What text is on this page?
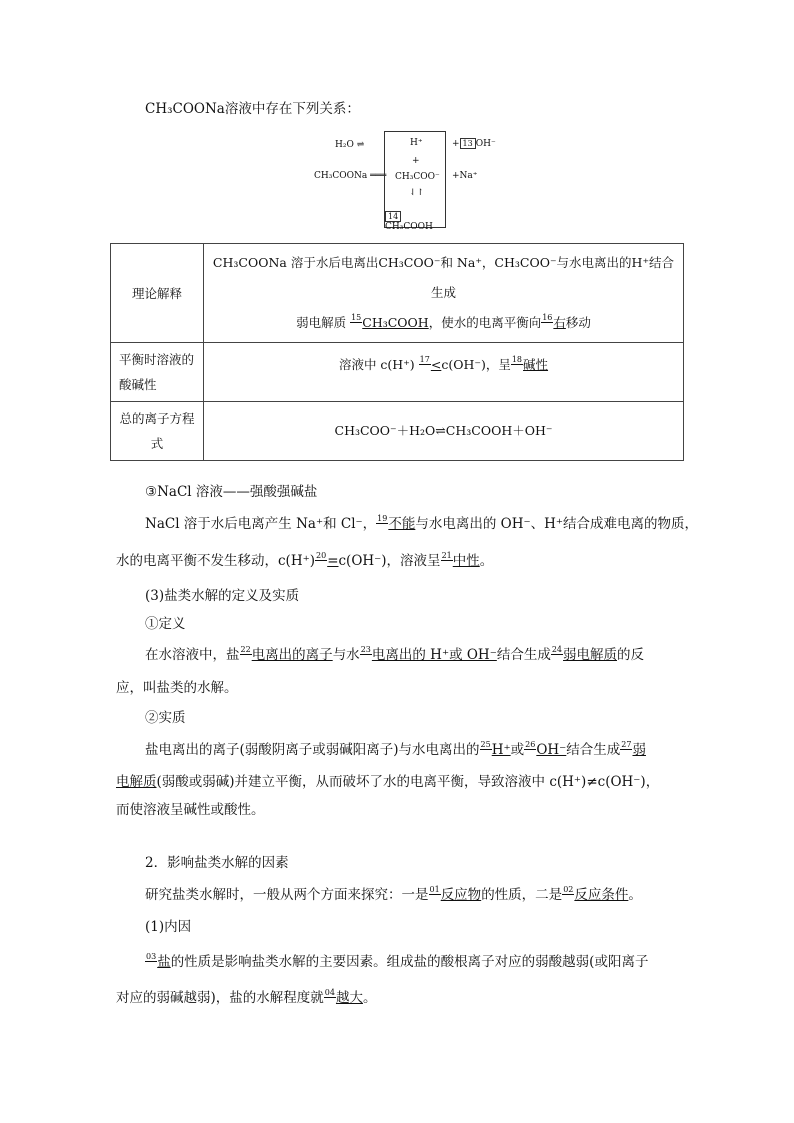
CH₃COONa溶液中存在下列关系：
H₂O ⇌
CH₃COONa ═══
H⁺
+
CH₃COO⁻
⇃↾
14CH₃COOH
+ 13 OH⁻
+Na⁺
理论解释	CH₃COONa 溶于水后电离出CH₃COO⁻和 Na⁺，CH₃COO⁻与水电离出的H⁺结合生成
弱电解质 15CH₃COOH，使水的电离平衡向16右移动

平衡时溶液的酸碱性	溶液中 c(H⁺) 17<c(OH⁻)，呈18碱性
总的离子方程式	CH₃COO⁻＋H₂O⇌CH₃COOH＋OH⁻
③NaCl 溶液——强酸强碱盐
NaCl 溶于水后电离产生 Na⁺和 Cl⁻，19不能与水电离出的 OH⁻、H⁺结合成难电离的物质，
水的电离平衡不发生移动，c(H⁺)20=c(OH⁻)，溶液呈21中性。
(3)盐类水解的定义及实质
①定义
在水溶液中，盐22电离出的离子与水23电离出的 H⁺或 OH⁻结合生成24弱电解质的反
应，叫盐类的水解。
②实质
盐电离出的离子(弱酸阴离子或弱碱阳离子)与水电离出的25H⁺或26OH⁻结合生成27弱
电解质(弱酸或弱碱)并建立平衡，从而破坏了水的电离平衡，导致溶液中 c(H⁺)≠c(OH⁻)，
而使溶液呈碱性或酸性。
2．影响盐类水解的因素
研究盐类水解时，一般从两个方面来探究：一是01反应物的性质，二是02反应条件。
(1)内因
03盐的性质是影响盐类水解的主要因素。组成盐的酸根离子对应的弱酸越弱(或阳离子
对应的弱碱越弱)，盐的水解程度就04越大。
